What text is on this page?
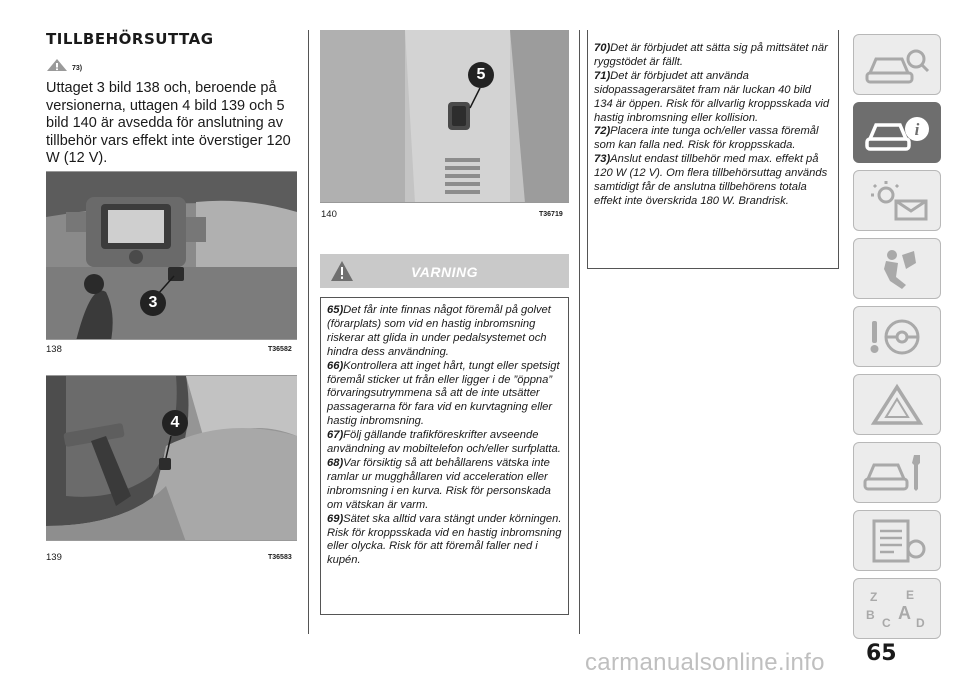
TILLBEHÖRSUTTAG
73)
Uttaget 3 bild 138 och, beroende på versionerna, uttagen 4 bild 139 och 5 bild 140 är avsedda för anslutning av tillbehör vars effekt inte överstiger 120 W (12 V).
3
138	T36582
4
139	T36583
5
140	T36719
VARNING
65)Det får inte finnas något föremål på golvet (förarplats) som vid en hastig inbromsning riskerar att glida in under pedalsystemet och hindra dess användning.
66)Kontrollera att inget hårt, tungt eller spetsigt föremål sticker ut från eller ligger i de ”öppna” förvaringsutrymmena så att de inte utsätter passagerarna för fara vid en kurvtagning eller hastig inbromsning.
67)Följ gällande trafikföreskrifter avseende användning av mobiltelefon och/eller surfplatta.
68)Var försiktig så att behållarens vätska inte ramlar ur mugghållaren vid acceleration eller inbromsning i en kurva. Risk för personskada om vätskan är varm.
69)Sätet ska alltid vara stängt under körningen. Risk för kroppsskada vid en hastig inbromsning eller olycka. Risk för att föremål faller ned i kupén.
70)Det är förbjudet att sätta sig på mittsätet när ryggstödet är fällt.
71)Det är förbjudet att använda sidopassagerarsätet fram när luckan 40 bild 134 är öppen. Risk för allvarlig kroppsskada vid hastig inbromsning eller kollision.
72)Placera inte tunga och/eller vassa föremål som kan falla ned. Risk för kroppsskada.
73)Anslut endast tillbehör med max. effekt på 120 W (12 V). Om flera tillbehörsuttag används samtidigt får de anslutna tillbehörens totala effekt inte överskrida 180 W. Brandrisk.
i
Z E
B A
C D
65
carmanualsonline.info
